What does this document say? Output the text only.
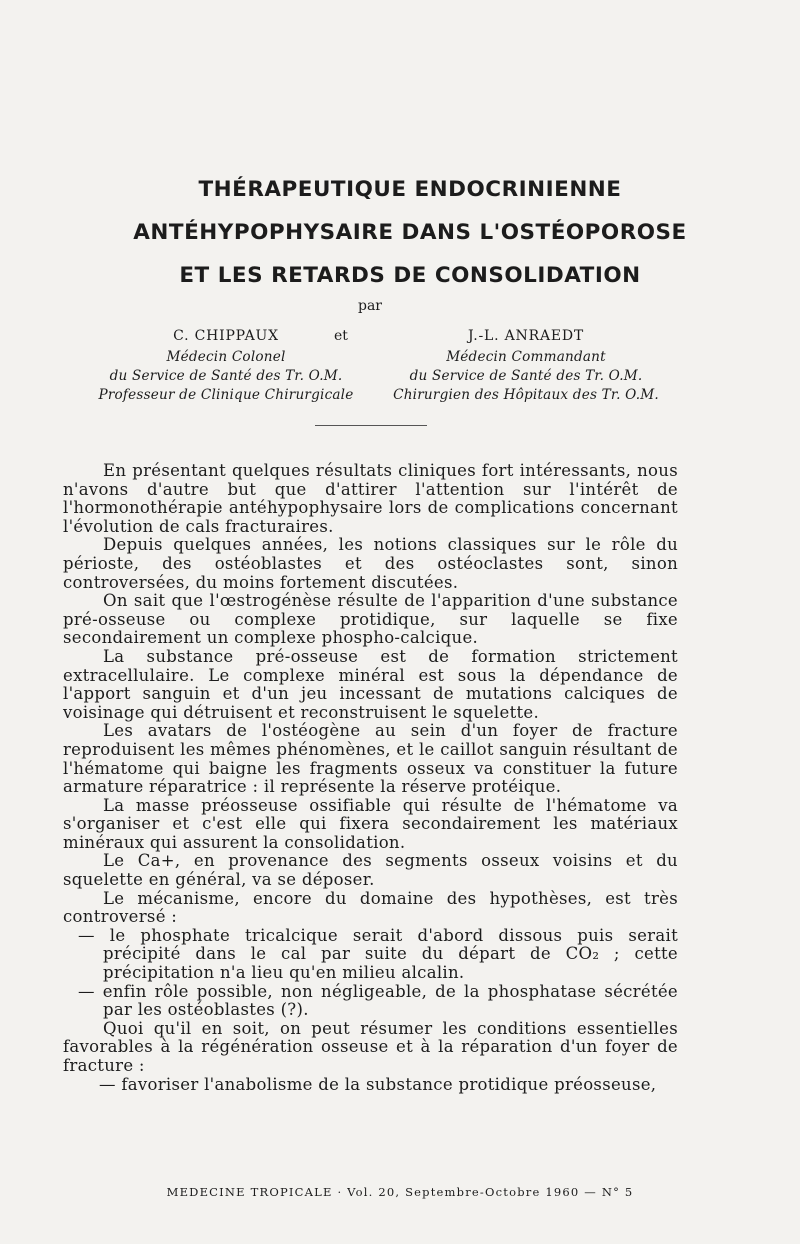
THÉRAPEUTIQUE ENDOCRINIENNE
ANTÉHYPOPHYSAIRE DANS L'OSTÉOPOROSE
ET LES RETARDS DE CONSOLIDATION
par
C. CHIPPAUX
Médecin Colonel
du Service de Santé des Tr. O.M.
Professeur de Clinique Chirurgicale
et	J.-L. ANRAEDT
Médecin Commandant
du Service de Santé des Tr. O.M.
Chirurgien des Hôpitaux des Tr. O.M.

En présentant quelques résultats cliniques fort intéressants, nous n'avons d'autre but que d'attirer l'attention sur l'intérêt de l'hormonothérapie antéhypophysaire lors de complications concernant l'évolution de cals fracturaires.

Depuis quelques années, les notions classiques sur le rôle du périoste, des ostéoblastes et des ostéoclastes sont, sinon controversées, du moins fortement discutées.

On sait que l'œstrogénèse résulte de l'apparition d'une substance pré-osseuse ou complexe protidique, sur laquelle se fixe secondairement un complexe phospho-calcique.

La substance pré-osseuse est de formation strictement extracellulaire. Le complexe minéral est sous la dépendance de l'apport sanguin et d'un jeu incessant de mutations calciques de voisinage qui détruisent et reconstruisent le squelette.

Les avatars de l'ostéogène au sein d'un foyer de fracture reproduisent les mêmes phénomènes, et le caillot sanguin résultant de l'hématome qui baigne les fragments osseux va constituer la future armature réparatrice : il représente la réserve protéique.

La masse préosseuse ossifiable qui résulte de l'hématome va s'organiser et c'est elle qui fixera secondairement les matériaux minéraux qui assurent la consolidation.

Le Ca+, en provenance des segments osseux voisins et du squelette en général, va se déposer.

Le mécanisme, encore du domaine des hypothèses, est très controversé :

— le phosphate tricalcique serait d'abord dissous puis serait précipité dans le cal par suite du départ de CO₂ ; cette précipitation n'a lieu qu'en milieu alcalin.

— enfin rôle possible, non négligeable, de la phosphatase sécrétée par les ostéoblastes (?).

Quoi qu'il en soit, on peut résumer les conditions essentielles favorables à la régénération osseuse et à la réparation d'un foyer de fracture :

— favoriser l'anabolisme de la substance protidique préosseuse,

MEDECINE TROPICALE · Vol. 20, Septembre-Octobre 1960 — N° 5
